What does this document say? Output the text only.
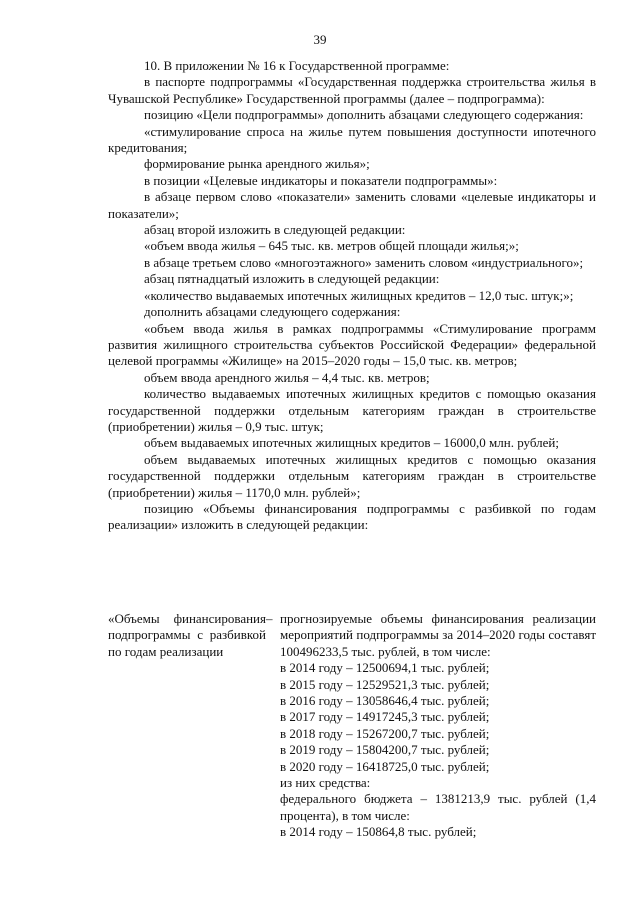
39

10. В приложении № 16 к Государственной программе:

в паспорте подпрограммы «Государственная поддержка строительства жилья в Чувашской Республике» Государственной программы (далее – подпрограмма):

позицию «Цели подпрограммы» дополнить абзацами следующего содержания:

«стимулирование спроса на жилье путем повышения доступности ипотечного кредитования;

формирование рынка арендного жилья»;

в позиции «Целевые индикаторы и показатели подпрограммы»:

в абзаце первом слово «показатели» заменить словами «целевые индикаторы и показатели»;

абзац второй изложить в следующей редакции:

«объем ввода жилья – 645 тыс. кв. метров общей площади жилья;»;

в абзаце третьем слово «многоэтажного» заменить словом «индустриального»;

абзац пятнадцатый изложить в следующей редакции:

«количество выдаваемых ипотечных жилищных кредитов – 12,0 тыс. штук;»;

дополнить абзацами следующего содержания:

«объем ввода жилья в рамках подпрограммы «Стимулирование программ развития жилищного строительства субъектов Российской Федерации» федеральной целевой программы «Жилище» на 2015–2020 годы – 15,0 тыс. кв. метров;

объем ввода арендного жилья – 4,4 тыс. кв. метров;

количество выдаваемых ипотечных жилищных кредитов с помощью оказания государственной поддержки отдельным категориям граждан в строительстве (приобретении) жилья – 0,9 тыс. штук;

объем выдаваемых ипотечных жилищных кредитов – 16000,0 млн. рублей;

объем выдаваемых ипотечных жилищных кредитов с помощью оказания государственной поддержки отдельным категориям граждан в строительстве (приобретении) жилья – 1170,0 млн. рублей»;

позицию «Объемы финансирования подпрограммы с разбивкой по годам реализации» изложить в следующей редакции:

«Объемы финансирования подпрограммы с разбивкой по годам реализации
– прогнозируемые объемы финансирования реализации мероприятий подпрограммы за 2014–2020 годы составят 100496233,5 тыс. рублей, в том числе:

в 2014 году – 12500694,1 тыс. рублей;

в 2015 году – 12529521,3 тыс. рублей;

в 2016 году – 13058646,4 тыс. рублей;

в 2017 году – 14917245,3 тыс. рублей;

в 2018 году – 15267200,7 тыс. рублей;

в 2019 году – 15804200,7 тыс. рублей;

в 2020 году – 16418725,0 тыс. рублей;

из них средства:

федерального бюджета – 1381213,9 тыс. рублей (1,4 процента), в том числе:

в 2014 году – 150864,8 тыс. рублей;
